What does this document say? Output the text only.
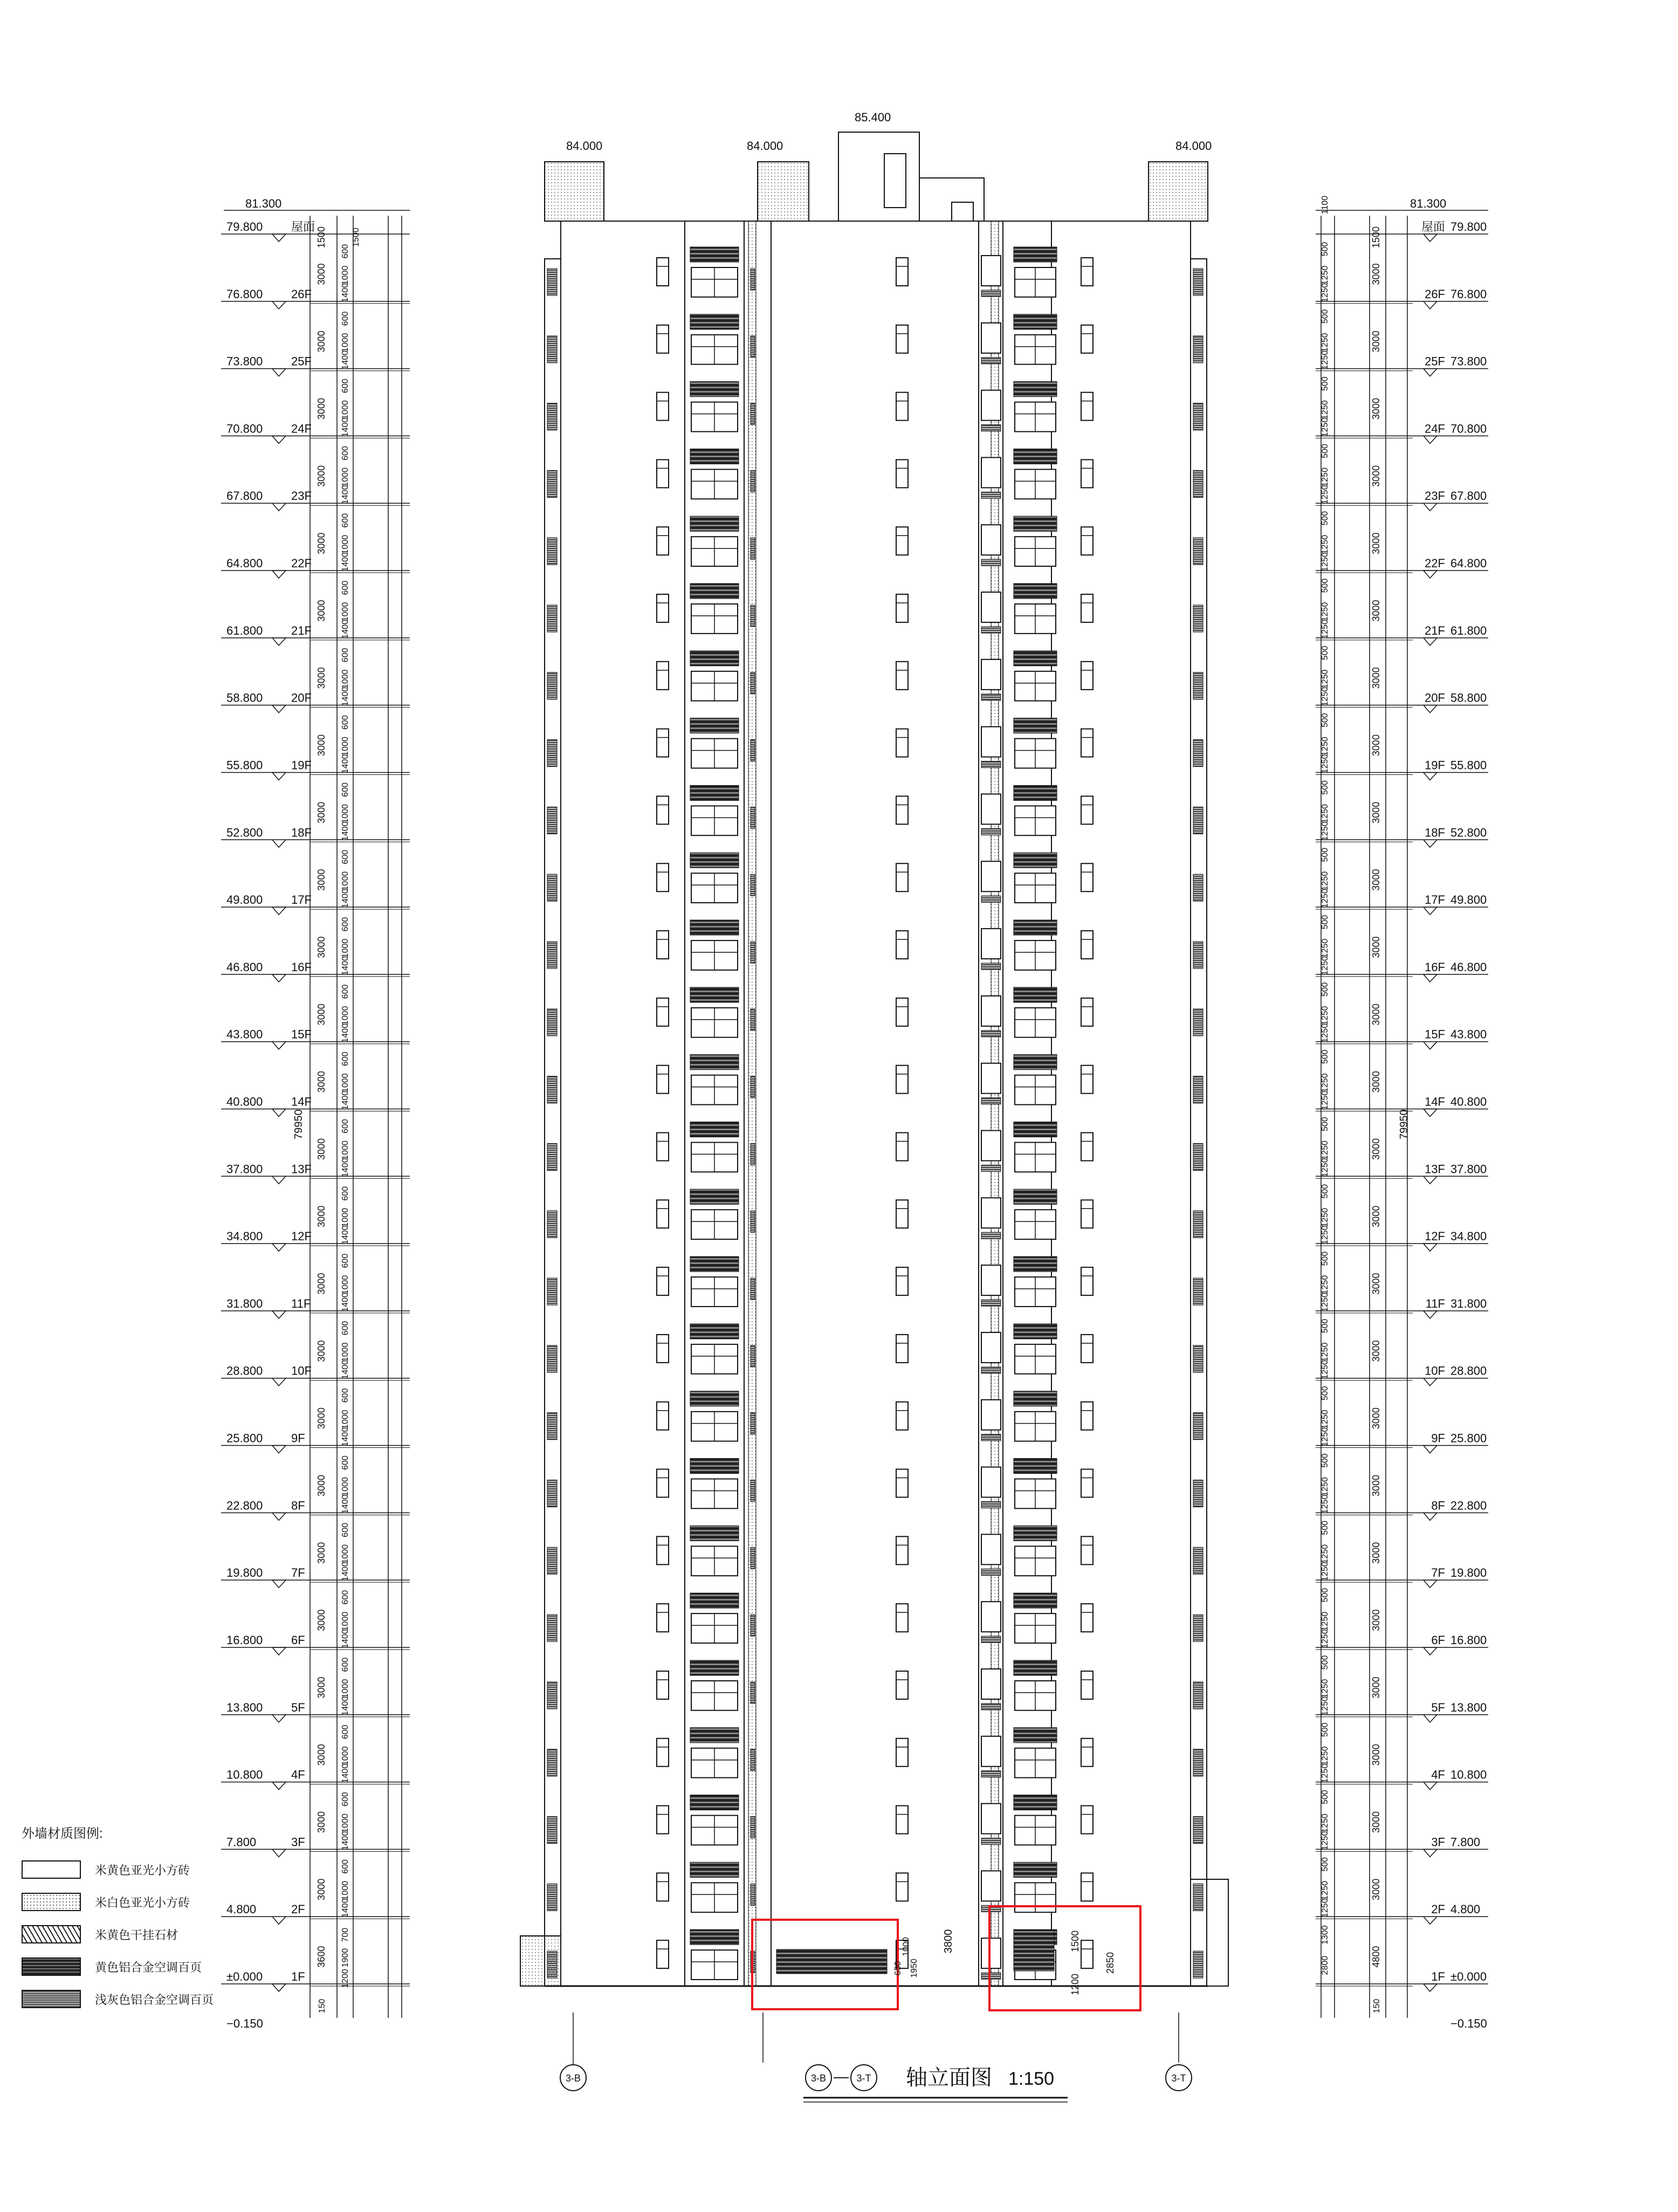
3800
1950
1000
650	2850
1200
1500
79.800 屋面	79.800
屋面
76.800 26F	76.800
26F
73.800 25F	73.800
25F
70.800 24F	70.800
24F
67.800 23F	67.800
23F
64.800 22F	64.800
22F
61.800 21F	61.800
21F
58.800 20F	58.800
20F
55.800 19F	55.800
19F
52.800 18F	52.800
18F
49.800 17F	49.800
17F
46.800 16F	46.800
16F
43.800 15F	43.800
15F
40.800 14F	40.800
14F
37.800 13F	37.800
13F
34.800 12F	34.800
12F
31.800 11F	31.800
11F
28.800 10F	28.800
10F
25.800 9F	25.800
9F
22.800 8F	22.800
8F
19.800 7F	19.800
7F
16.800 6F	16.800
6F
13.800 5F	13.800
5F
10.800 4F	10.800
4F
7.800	3F	7.800
3F
4.800	2F	4.800
2F
±0.000 1F	±0.000
1F
−0.150	−0.150
81.300	81.300
84.000	84.000	84.000
85.400
3000
600
1000
1400
3000
500
1250
1250
3000
600
1000
1400
3000
500
1250
1250
3000
600
1000
1400
3000
500
1250
1250
3000
600
1000
1400
3000
500
1250
1250
3000
600
1000
1400
3000
500
1250
1250
3000
600
1000
1400
3000
500
1250
1250
3000
600
1000
1400
3000
500
1250
1250
3000
600
1000
1400
3000
500
1250
1250
3000
600
1000
1400
3000
500
1250
1250
3000
600
1000
1400
3000
500
1250
1250
3000
600
1000
1400
3000
500
1250
1250
3000
600
1000
1400
3000
500
1250
1250
3000
600
1000
1400
3000
500
1250
1250
3000
600
1000
1400
3000
500
1250
1250
3000
600
1000
1400
3000
500
1250
1250
3000
600
1000
1400
3000
500
1250
1250
3000
600
1000
1400
3000
500
1250
1250
3000
600
1000
1400
3000
500
1250
1250
3000
600
1000
1400
3000
500
1250
1250
3000
600
1000
1400
3000
500
1250
1250
3000
600
1000
1400
3000
500
1250
1250
3000
600
1000
1400
3000
500
1250
1250
3000
600
1000
1400
3000
500
1250
1250
3000
600
1000
1400
3000
500
1250
1250
3000
600
1000
1400
3000
500
1250
1250
3600
700
1900
1200
4800
2800
1300
1500	1500	1500
1100
150	150
79950	79950
3-B	3-T
3-B — 3-T 轴立面图 1:150
外墙材质图例:
米黄色亚光小方砖
米白色亚光小方砖
米黄色干挂石材
黄色铝合金空调百页
浅灰色铝合金空调百页
